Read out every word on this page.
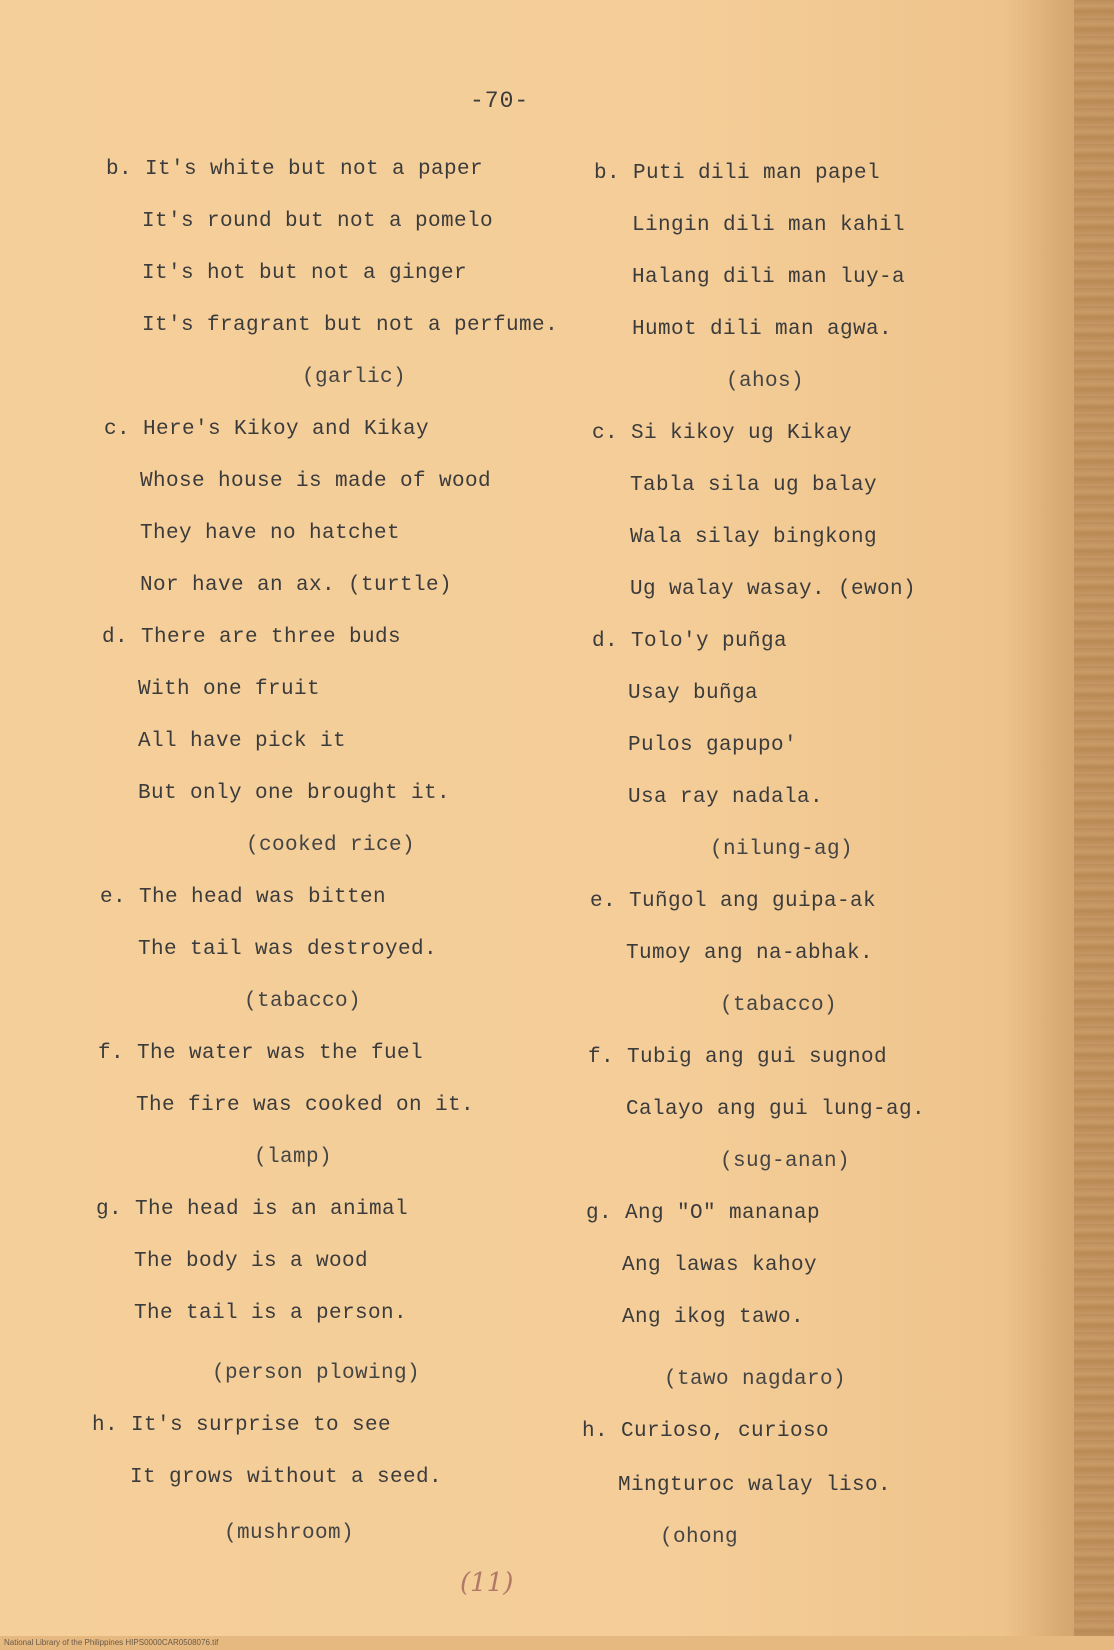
-70-
b. It's white but not a paper
It's round but not a pomelo
It's hot but not a ginger
It's fragrant but not a perfume.
(garlic)
c. Here's Kikoy and Kikay
Whose house is made of wood
They have no hatchet
Nor have an ax. (turtle)
d. There are three buds
With one fruit
All have pick it
But only one brought it.
(cooked rice)
e. The head was bitten
The tail was destroyed.
(tabacco)
f. The water was the fuel
The fire was cooked on it.
(lamp)
g. The head is an animal
The body is a wood
The tail is a person.
(person plowing)
h. It's surprise to see
It grows without a seed.
(mushroom)
b. Puti dili man papel
Lingin dili man kahil
Halang dili man luy-a
Humot dili man agwa.
(ahos)
c. Si kikoy ug Kikay
Tabla sila ug balay
Wala silay bingkong
Ug walay wasay. (ewon)
d. Tolo'y puñga
Usay buñga
Pulos gapupo'
Usa ray nadala.
(nilung-ag)
e. Tuñgol ang guipa-ak
Tumoy ang na-abhak.
(tabacco)
f. Tubig ang gui sugnod
Calayo ang gui lung-ag.
(sug-anan)
g. Ang "O" mananap
Ang lawas kahoy
Ang ikog tawo.
(tawo nagdaro)
h. Curioso, curioso
Mingturoc walay liso.
(ohong
(11)
National Library of the Philippines HIPS0000CAR0508076.tif
